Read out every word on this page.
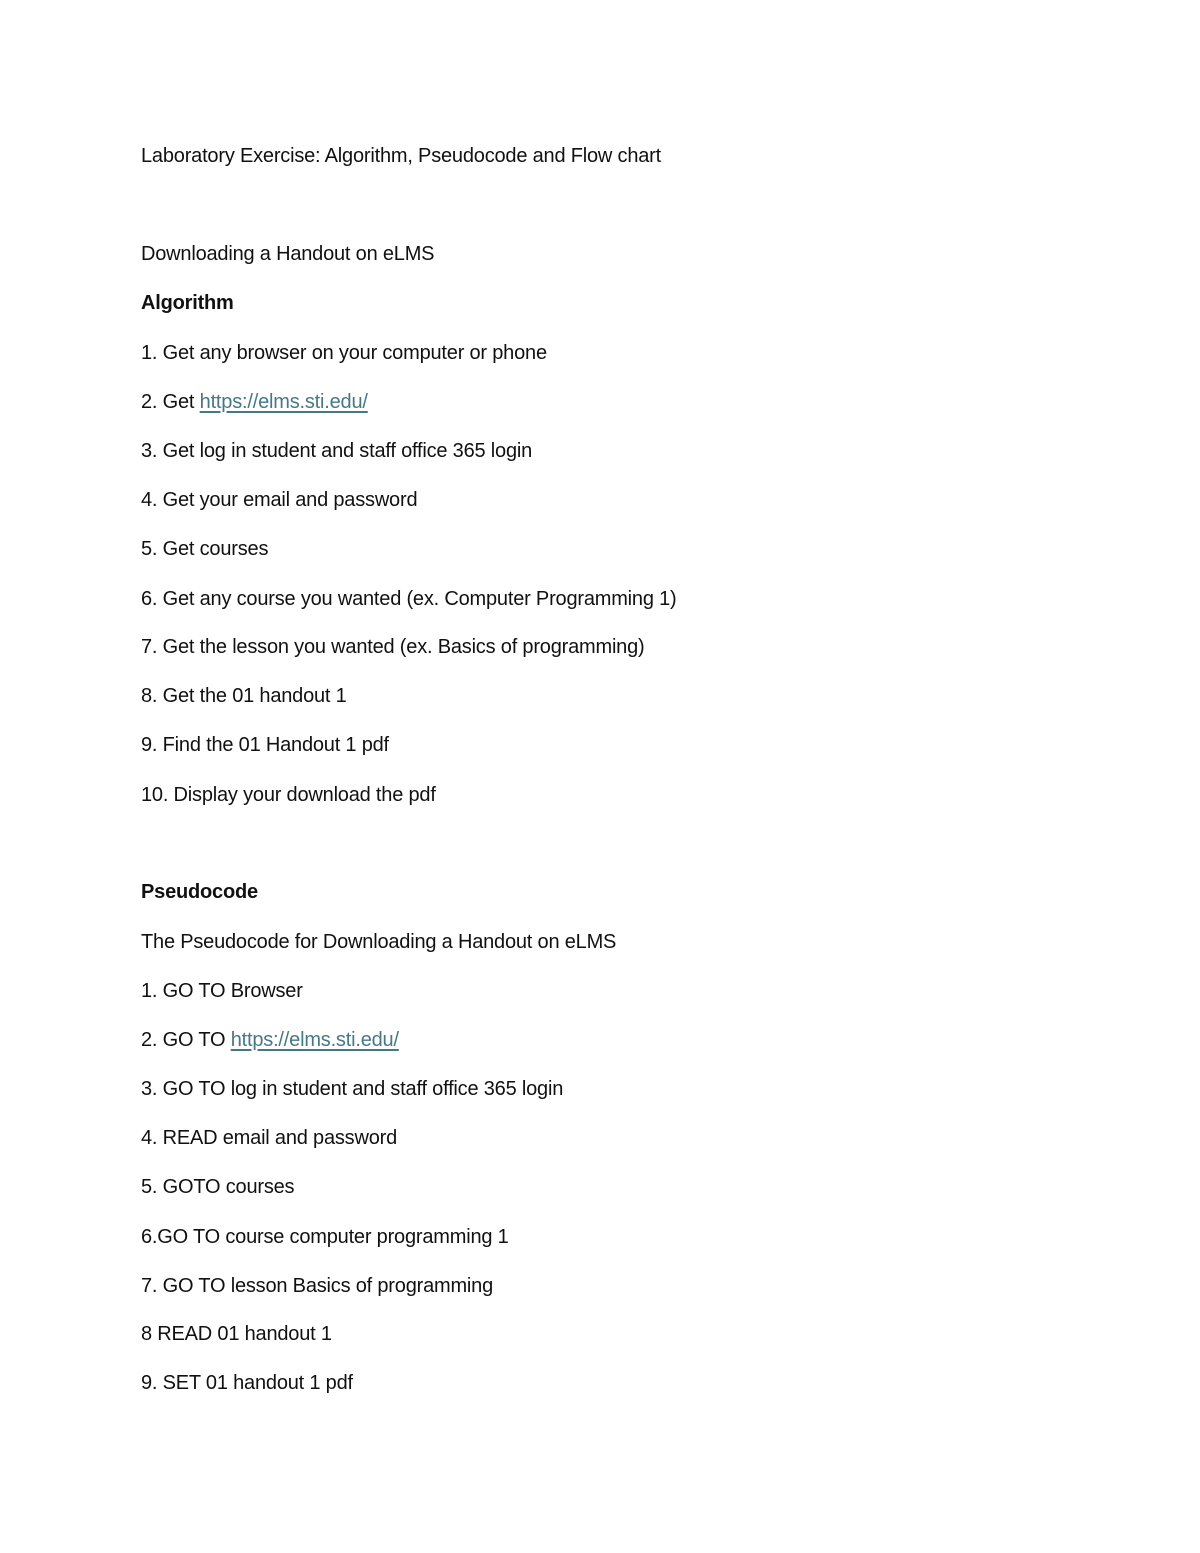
Laboratory Exercise: Algorithm, Pseudocode and Flow chart
Downloading a Handout on eLMS
Algorithm
1. Get any browser on your computer or phone
2. Get https://elms.sti.edu/
3. Get log in student and staff office 365 login
4. Get your email and password
5. Get courses
6. Get any course you wanted (ex. Computer Programming 1)
7. Get the lesson you wanted (ex. Basics of programming)
8. Get the 01 handout 1
9. Find the 01 Handout 1 pdf
10. Display your download the pdf
Pseudocode
The Pseudocode for Downloading a Handout on eLMS
1. GO TO Browser
2. GO TO https://elms.sti.edu/
3. GO TO log in student and staff office 365 login
4. READ email and password
5. GOTO courses
6.GO TO course computer programming 1
7. GO TO lesson Basics of programming
8 READ 01 handout 1
9. SET 01 handout 1 pdf
